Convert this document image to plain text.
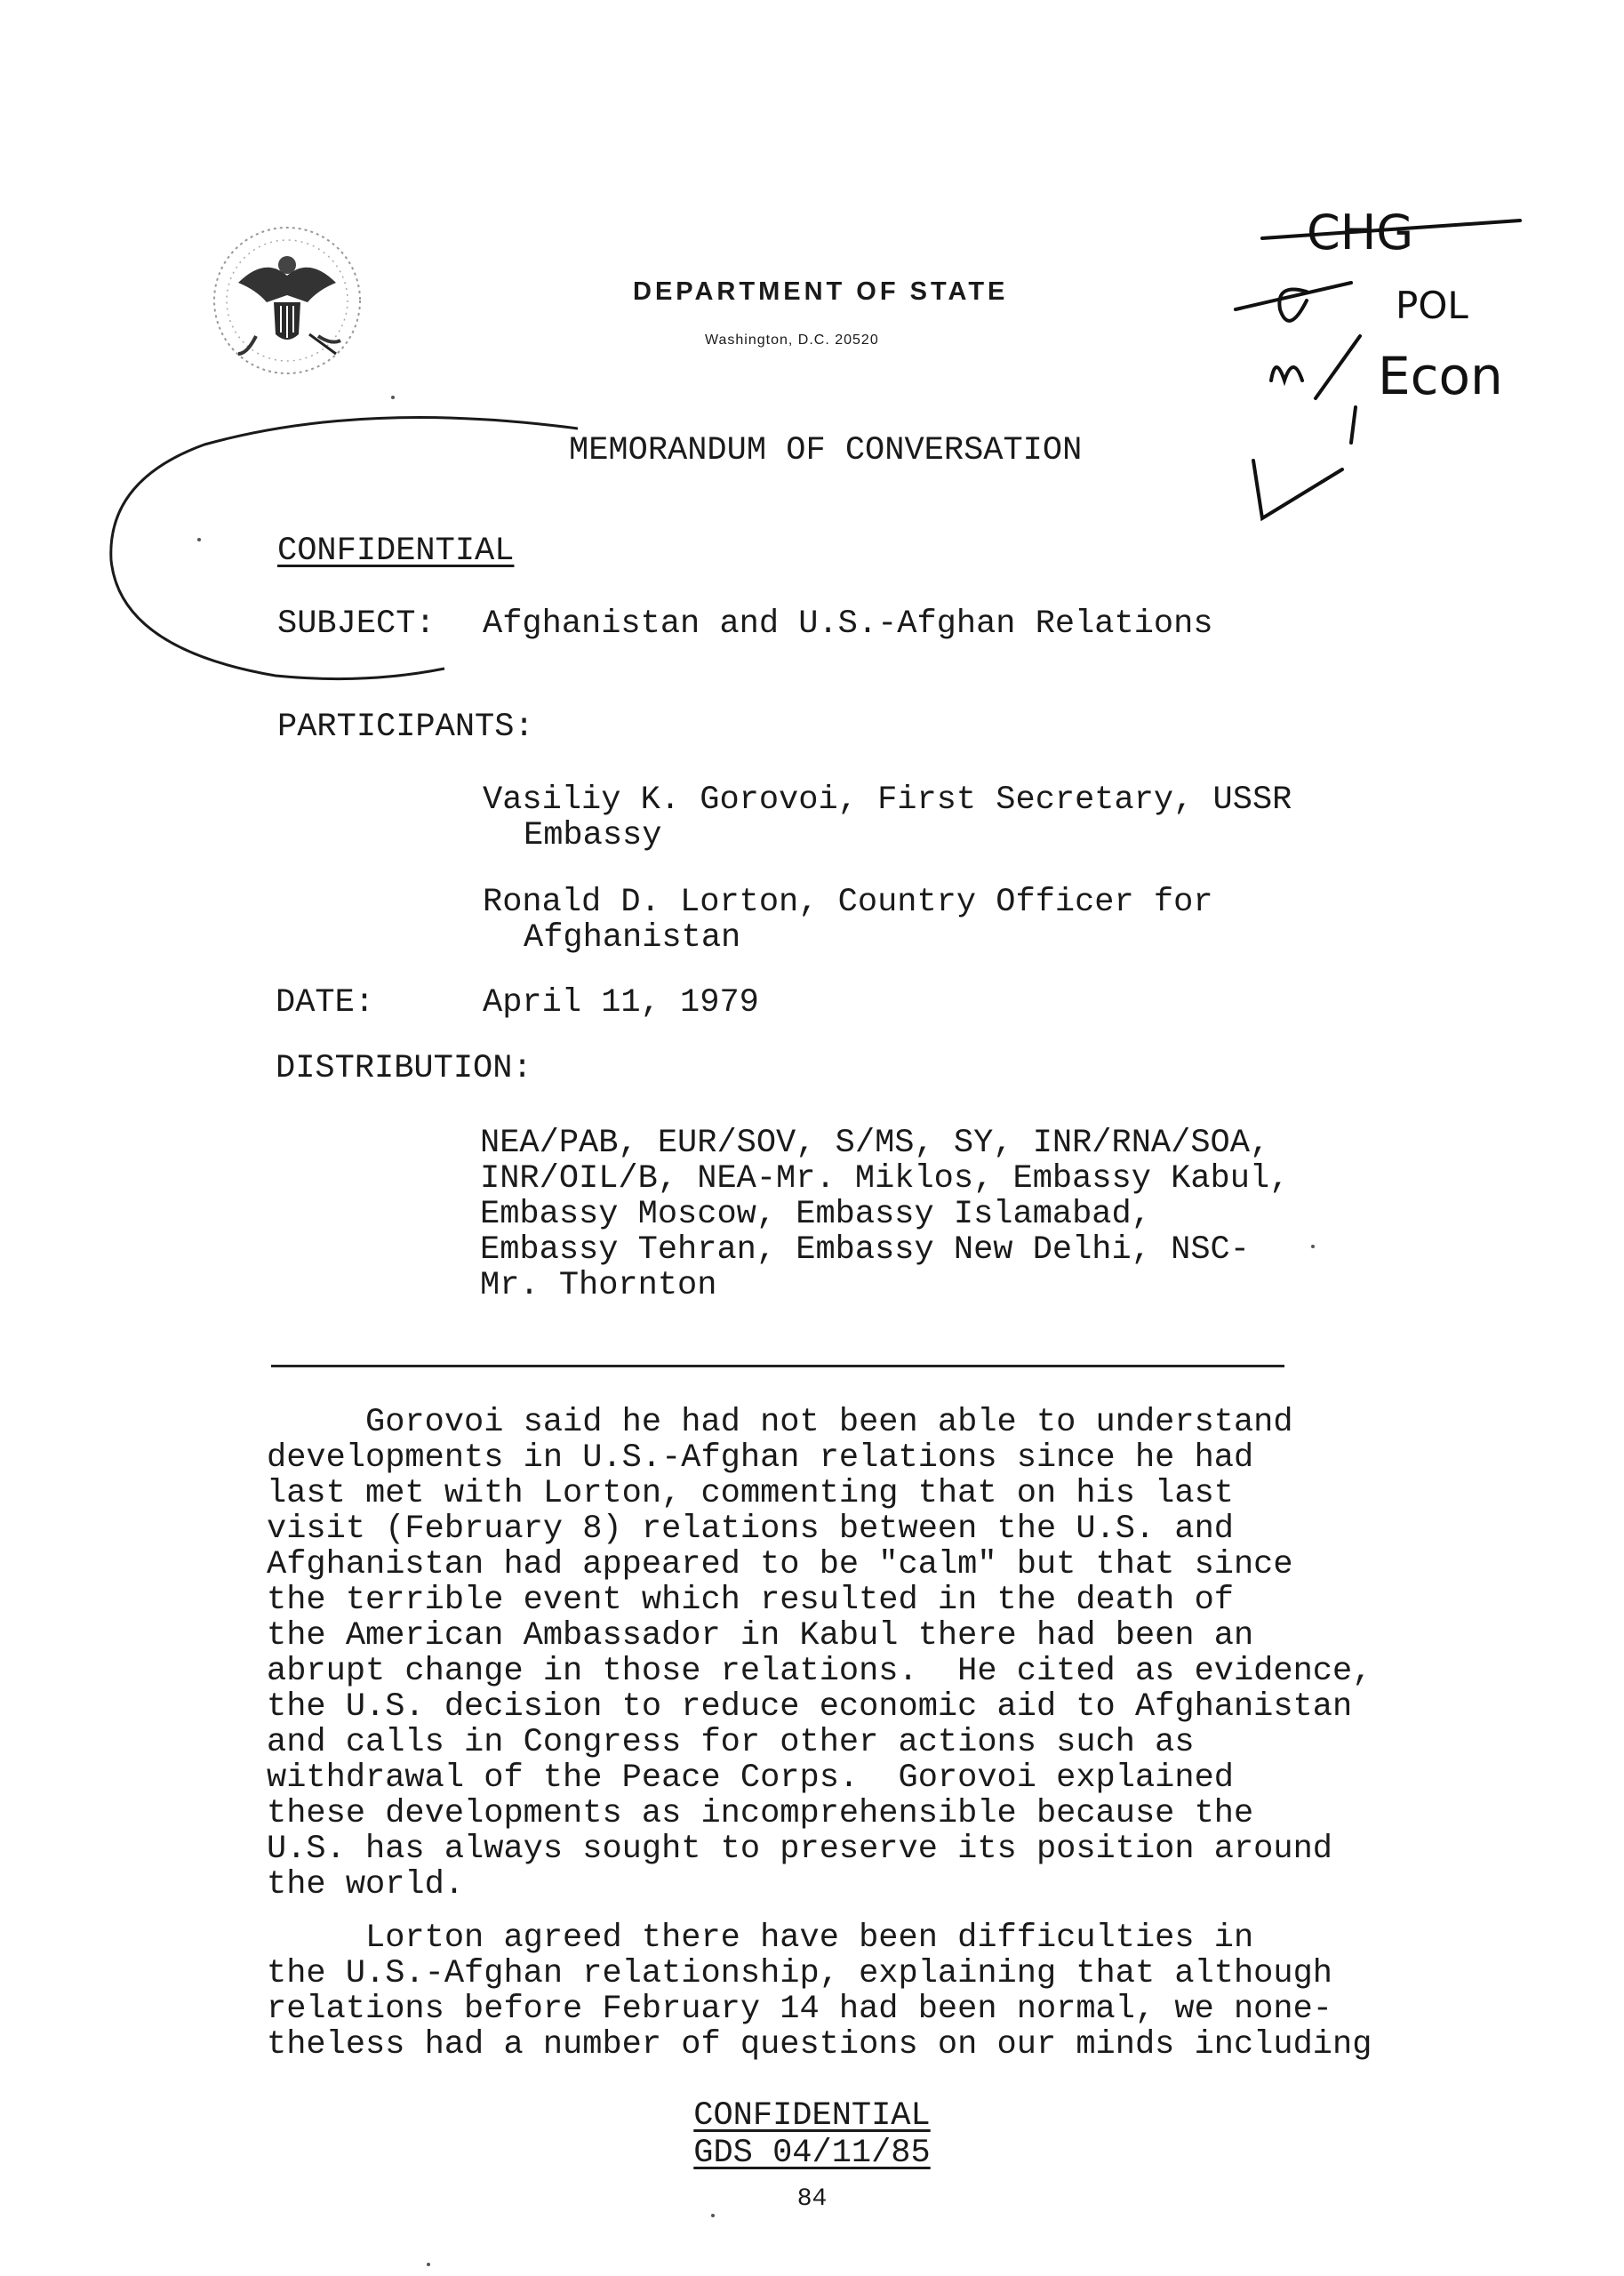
DEPARTMENT OF STATE
Washington, D.C. 20520
MEMORANDUM OF CONVERSATION
CHG
POL
Econ
CONFIDENTIAL
SUBJECT: Afghanistan and U.S.-Afghan Relations
PARTICIPANTS:
Vasiliy K. Gorovoi, First Secretary, USSR
Embassy
Ronald D. Lorton, Country Officer for
Afghanistan
DATE:	April 11, 1979
DISTRIBUTION:
NEA/PAB, EUR/SOV, S/MS, SY, INR/RNA/SOA,
INR/OIL/B, NEA-Mr. Miklos, Embassy Kabul,
Embassy Moscow, Embassy Islamabad,
Embassy Tehran, Embassy New Delhi, NSC-
Mr. Thornton
Gorovoi said he had not been able to understand
developments in U.S.-Afghan relations since he had
last met with Lorton, commenting that on his last
visit (February 8) relations between the U.S. and
Afghanistan had appeared to be "calm" but that since
the terrible event which resulted in the death of
the American Ambassador in Kabul there had been an
abrupt change in those relations.  He cited as evidence,
the U.S. decision to reduce economic aid to Afghanistan
and calls in Congress for other actions such as
withdrawal of the Peace Corps.  Gorovoi explained
these developments as incomprehensible because the
U.S. has always sought to preserve its position around
the world.
Lorton agreed there have been difficulties in
the U.S.-Afghan relationship, explaining that although
relations before February 14 had been normal, we none-
theless had a number of questions on our minds including
CONFIDENTIAL
GDS 04/11/85
84
